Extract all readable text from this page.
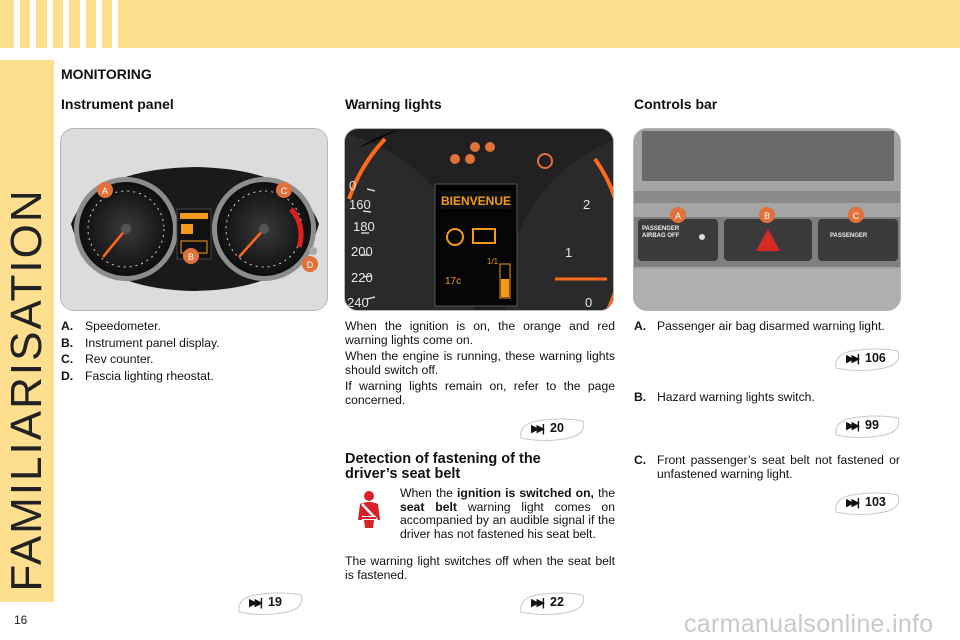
FAMILIARISATION
16
MONITORING
Instrument panel	Warning lights	Controls bar
A
B
C
D
BIENVENUE
17c
1/1
0
160
180
200
220
240
2
1
0
PASSENGER
AIRBAG OFF	PASSENGER
A	B	C
A. Speedometer.
B. Instrument panel display.
C. Rev counter.
D. Fascia lighting rheostat.

When the ignition is on, the orange and red warning lights come on.

When the engine is running, these warning lights should switch off.

If warning lights remain on, refer to the page concerned.

Detection of fastening of the
driver’s seat belt

When the ignition is switched on, the seat belt warning light comes on accompanied by an audible signal if the driver has not fastened his seat belt.

The warning light switches off when the seat belt is fastened.

A. Passenger air bag disarmed warning light.
B. Hazard warning lights switch.
C. Front passenger’s seat belt not fastened or unfastened warning light.
▶▶| 19
▶▶| 20
▶▶| 22
▶▶| 106
▶▶| 99
▶▶| 103
carmanualsonline.info
